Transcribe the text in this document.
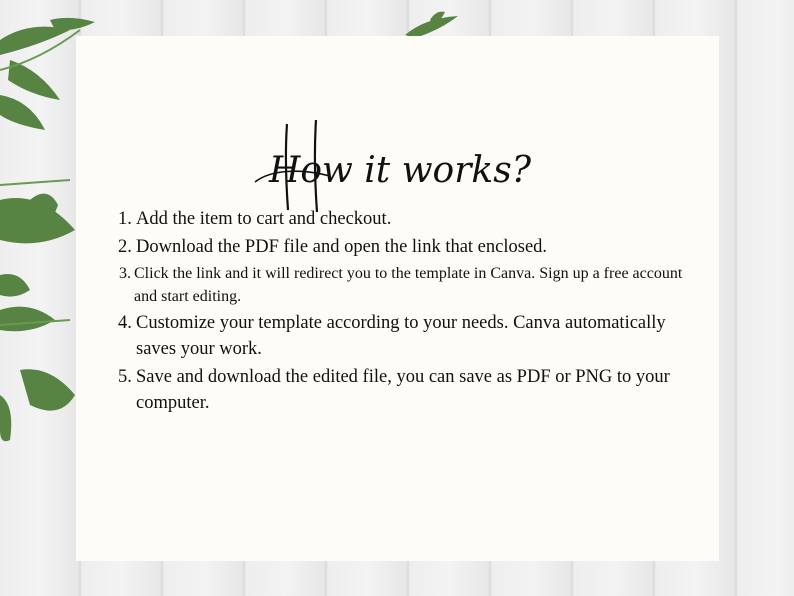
How it works?
1. Add the item to cart and checkout.
2. Download the PDF file and open the link that enclosed.
3. Click the link and it will redirect you to the template in Canva. Sign up a free account and start editing.
4. Customize your template according to your needs. Canva automatically saves your work.
5. Save and download the edited file, you can save as PDF or PNG to your computer.
